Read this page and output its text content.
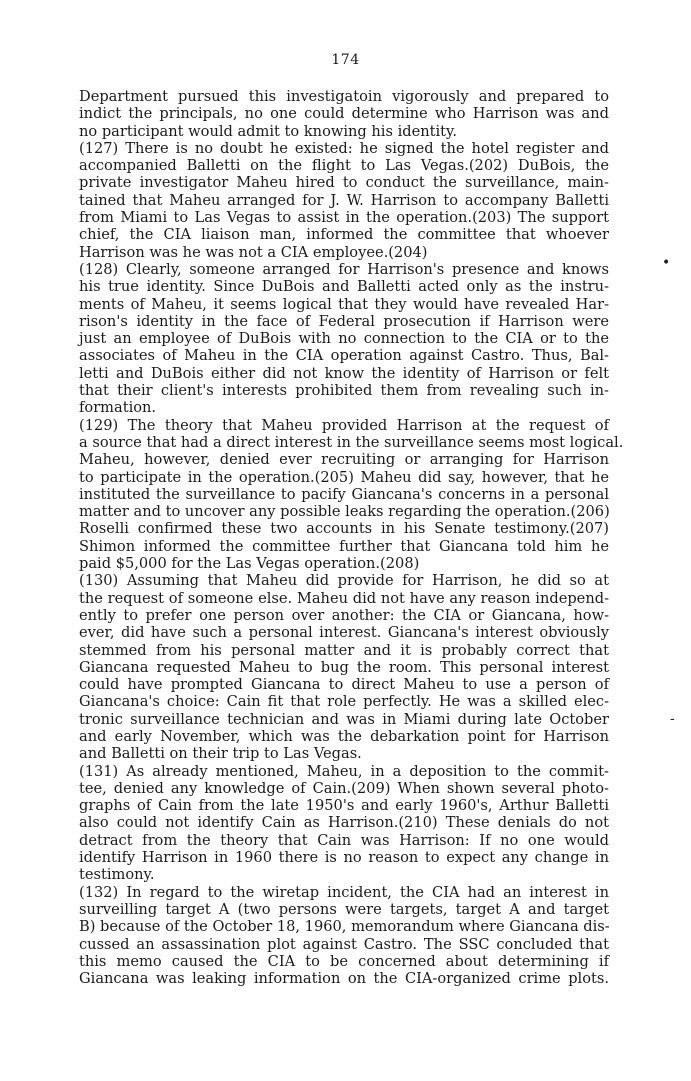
174
Department pursued this investigatoin vigorously and prepared to
indict the principals, no one could determine who Harrison was and
no participant would admit to knowing his identity.
(127) There is no doubt he existed: he signed the hotel register and
accompanied Balletti on the flight to Las Vegas.(202) DuBois, the
private investigator Maheu hired to conduct the surveillance, main-
tained that Maheu arranged for J. W. Harrison to accompany Balletti
from Miami to Las Vegas to assist in the operation.(203) The support
chief, the CIA liaison man, informed the committee that whoever
Harrison was he was not a CIA employee.(204)
(128) Clearly, someone arranged for Harrison's presence and knows
his true identity. Since DuBois and Balletti acted only as the instru-
ments of Maheu, it seems logical that they would have revealed Har-
rison's identity in the face of Federal prosecution if Harrison were
just an employee of DuBois with no connection to the CIA or to the
associates of Maheu in the CIA operation against Castro. Thus, Bal-
letti and DuBois either did not know the identity of Harrison or felt
that their client's interests prohibited them from revealing such in-
formation.
(129) The theory that Maheu provided Harrison at the request of
a source that had a direct interest in the surveillance seems most logical.
Maheu, however, denied ever recruiting or arranging for Harrison
to participate in the operation.(205) Maheu did say, however, that he
instituted the surveillance to pacify Giancana's concerns in a personal
matter and to uncover any possible leaks regarding the operation.(206)
Roselli confirmed these two accounts in his Senate testimony.(207)
Shimon informed the committee further that Giancana told him he
paid $5,000 for the Las Vegas operation.(208)
(130) Assuming that Maheu did provide for Harrison, he did so at
the request of someone else. Maheu did not have any reason independ-
ently to prefer one person over another: the CIA or Giancana, how-
ever, did have such a personal interest. Giancana's interest obviously
stemmed from his personal matter and it is probably correct that
Giancana requested Maheu to bug the room. This personal interest
could have prompted Giancana to direct Maheu to use a person of
Giancana's choice: Cain fit that role perfectly. He was a skilled elec-
tronic surveillance technician and was in Miami during late October
and early November, which was the debarkation point for Harrison
and Balletti on their trip to Las Vegas.
(131) As already mentioned, Maheu, in a deposition to the commit-
tee, denied any knowledge of Cain.(209) When shown several photo-
graphs of Cain from the late 1950's and early 1960's, Arthur Balletti
also could not identify Cain as Harrison.(210) These denials do not
detract from the theory that Cain was Harrison: If no one would
identify Harrison in 1960 there is no reason to expect any change in
testimony.
(132) In regard to the wiretap incident, the CIA had an interest in
surveilling target A (two persons were targets, target A and target
B) because of the October 18, 1960, memorandum where Giancana dis-
cussed an assassination plot against Castro. The SSC concluded that
this memo caused the CIA to be concerned about determining if
Giancana was leaking information on the CIA-organized crime plots.
•
-
